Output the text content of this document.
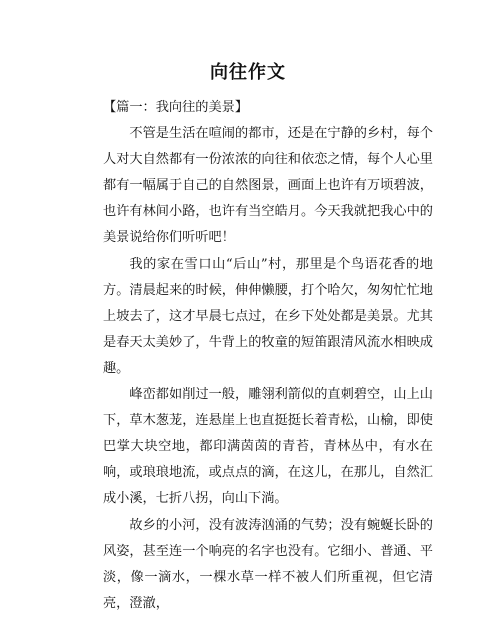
向往作文

【篇一：我向往的美景】

不管是生活在喧闹的都市，还是在宁静的乡村，每个人对大自然都有一份浓浓的向往和依恋之情，每个人心里都有一幅属于自己的自然图景，画面上也许有万顷碧波，也许有林间小路，也许有当空皓月。今天我就把我心中的美景说给你们听听吧！

我的家在雪口山“后山”村，那里是个鸟语花香的地方。清晨起来的时候，伸伸懒腰，打个哈欠，匆匆忙忙地上坡去了，这才早晨七点过，在乡下处处都是美景。尤其是春天太美妙了，牛背上的牧童的短笛跟清风流水相映成趣。

峰峦都如削过一般，雕翎利箭似的直刺碧空，山上山下，草木葱茏，连悬崖上也直挺挺长着青松，山榆，即使巴掌大块空地，都印满茵茵的青苔，青林丛中，有水在响，或琅琅地流，或点点的滴，在这儿，在那儿，自然汇成小溪，七折八拐，向山下淌。

故乡的小河，没有波涛汹涌的气势；没有蜿蜒长卧的风姿，甚至连一个响亮的名字也没有。它细小、普通、平淡，像一滴水，一棵水草一样不被人们所重视，但它清亮，澄澈，
